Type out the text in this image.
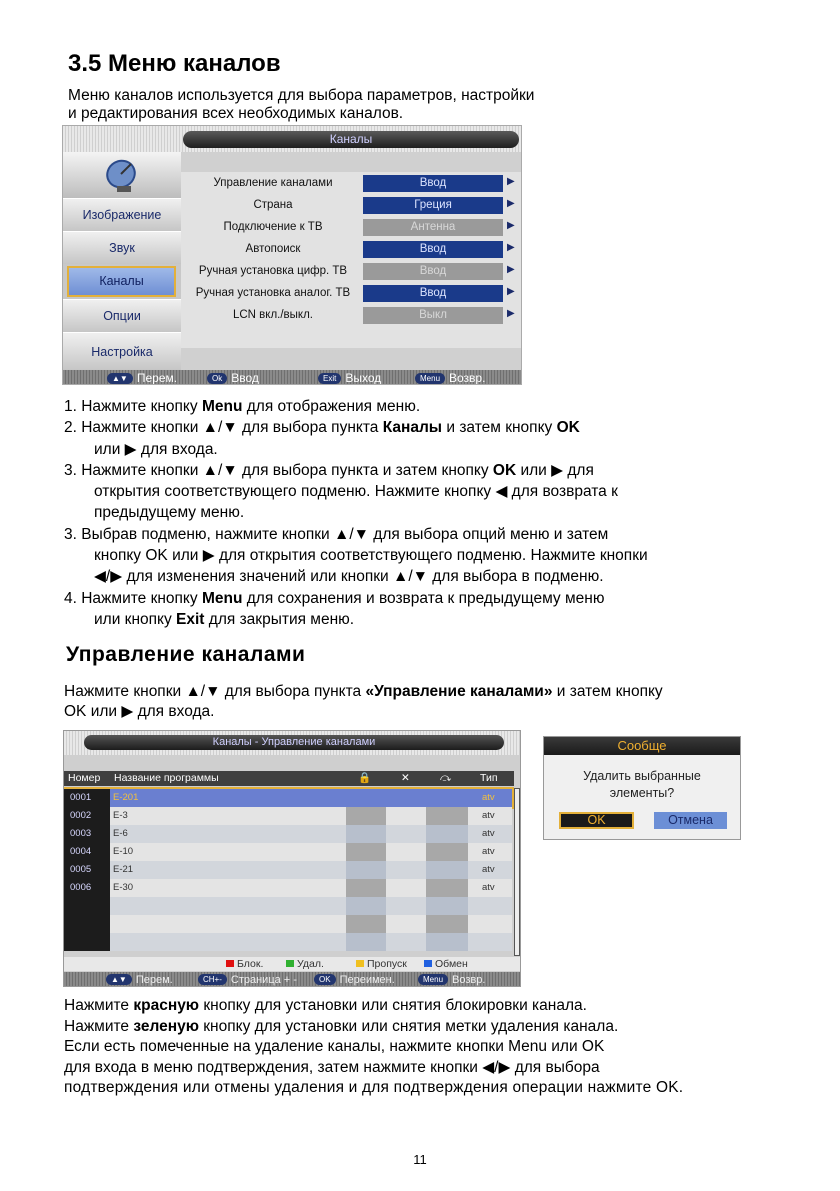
3.5 Меню каналов
Меню каналов используется для выбора параметров, настройки
и редактирования всех необходимых каналов.
Каналы
Изображение
Звук
Каналы
Опции
Настройка
Управление каналами	Ввод	▶
Страна	Греция	▶
Подключение к ТВ	Антенна	▶
Автопоиск	Ввод	▶
Ручная установка цифр. ТВ	Ввод	▶
Ручная установка аналог. ТВ	Ввод	▶
LCN вкл./выкл.	Выкл	▶
▲▼ Перем.	Ok Ввод	Exit Выход	Menu Возвр.
1. Нажмите кнопку Menu для отображения меню.
2. Нажмите кнопки ▲/▼ для выбора пункта Каналы и затем кнопку OK
или ▶ для входа.
3. Нажмите кнопки ▲/▼ для выбора пункта и затем кнопку OK или ▶ для
открытия соответствующего подменю. Нажмите кнопку ◀ для возврата к
предыдущему меню.
3. Выбрав подменю, нажмите кнопки ▲/▼ для выбора опций меню и затем
кнопку OK или ▶ для открытия соответствующего подменю. Нажмите кнопки
◀/▶ для изменения значений или кнопки ▲/▼ для выбора в подменю.
4. Нажмите кнопку Menu для сохранения и возврата к предыдущему меню
или кнопку Exit для закрытия меню.
Управление каналами
Нажмите кнопки ▲/▼ для выбора пункта «Управление каналами» и затем кнопку
OK или ▶ для входа.
Каналы - Управление каналами
Номер Название программы	🔒	✕	⤼	Тип
0001	E-201	atv
0002	E-3	atv
0003	E-6	atv
0004	E-10	atv
0005	E-21	atv
0006	E-30	atv
Блок.	Удал.	Пропуск	Обмен
▲▼ Перем.	CH+- Страница + -	OK Переимен.	Menu Возвр.
Сообще
Удалить выбранные
элементы?
OK	Отмена
Нажмите красную кнопку для установки или снятия блокировки канала.
Нажмите зеленую кнопку для установки или снятия метки удаления канала.
Если есть помеченные на удаление каналы, нажмите кнопки Menu или OK
для входа в меню подтверждения, затем нажмите кнопки ◀/▶ для выбора
подтверждения или отмены удаления и для подтверждения операции нажмите OK.
11
